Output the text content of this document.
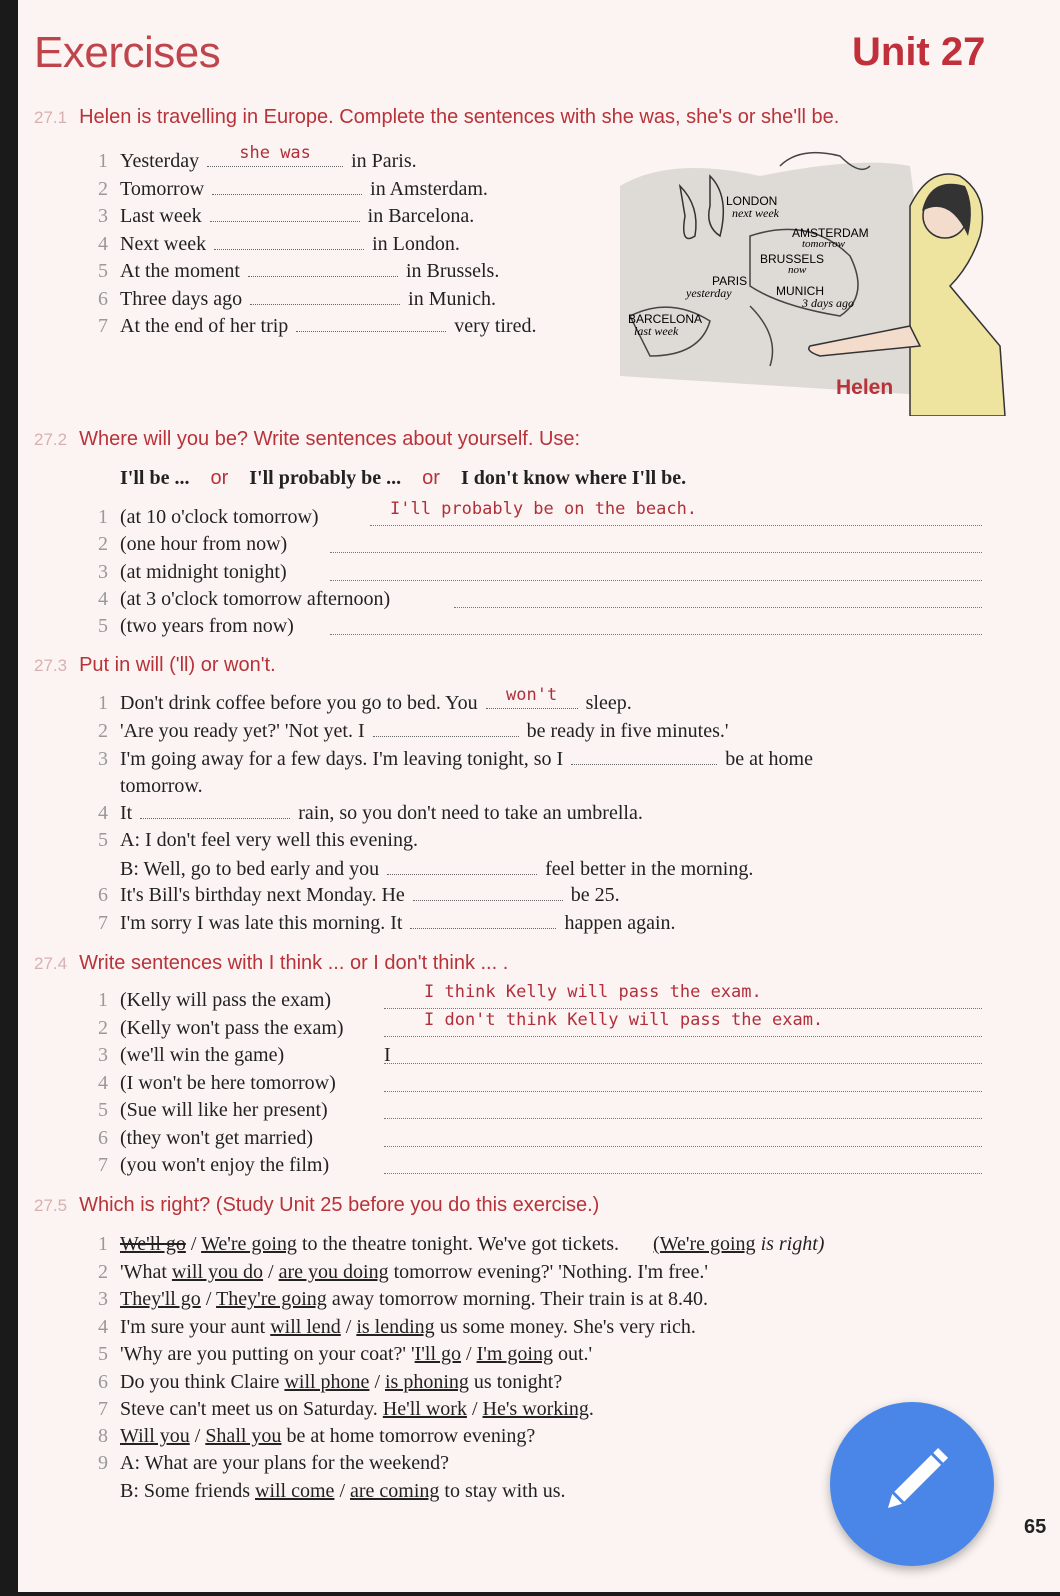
Exercises	Unit 27
27.1 Helen is travelling in Europe. Complete the sentences with she was, she's or she'll be.
LONDON
next week
AMSTERDAM
tomorrow
BRUSSELS
now
PARIS
yesterday	MUNICH
3 days ago
BARCELONA
last week
Helen
27.2 Where will you be? Write sentences about yourself. Use:
I'll be ... or I'll probably be ... or I don't know where I'll be.
27.3 Put in will ('ll) or won't.
27.4 Write sentences with I think ... or I don't think ... .
27.5 Which is right? (Study Unit 25 before you do this exercise.)
65
1 Yesterday	she was	in Paris.
2 Tomorrow	in Amsterdam.
3 Last week	in Barcelona.
4 Next week	in London.
5 At the moment	in Brussels.
6 Three days ago	in Munich.
7 At the end of her trip	very tired.
1 (at 10 o'clock tomorrow)	I'll probably be on the beach.
2 (one hour from now)
3 (at midnight tonight)
4 (at 3 o'clock tomorrow afternoon)
5 (two years from now)
1 Don't drink coffee before you go to bed. You	won't	sleep.
2 'Are you ready yet?' 'Not yet. I	be ready in five minutes.'
3 I'm going away for a few days. I'm leaving tonight, so I	be at home
tomorrow.
4 It	rain, so you don't need to take an umbrella.
5 A: I don't feel very well this evening.
B: Well, go to bed early and you	feel better in the morning.
6 It's Bill's birthday next Monday. He	be 25.
7 I'm sorry I was late this morning. It	happen again.
1 (Kelly will pass the exam)	I think Kelly will pass the exam.
2 (Kelly won't pass the exam)	I don't think Kelly will pass the exam.
3 (we'll win the game)	I
4 (I won't be here tomorrow)
5 (Sue will like her present)
6 (they won't get married)
7 (you won't enjoy the film)
1 We'll go / We're going to the theatre tonight. We've got tickets. (We're going is right)
2 'What will you do / are you doing tomorrow evening?' 'Nothing. I'm free.'
3 They'll go / They're going away tomorrow morning. Their train is at 8.40.
4 I'm sure your aunt will lend / is lending us some money. She's very rich.
5 'Why are you putting on your coat?' 'I'll go / I'm going out.'
6 Do you think Claire will phone / is phoning us tonight?
7 Steve can't meet us on Saturday. He'll work / He's working.
8 Will you / Shall you be at home tomorrow evening?
9 A: What are your plans for the weekend?
B: Some friends will come / are coming to stay with us.
